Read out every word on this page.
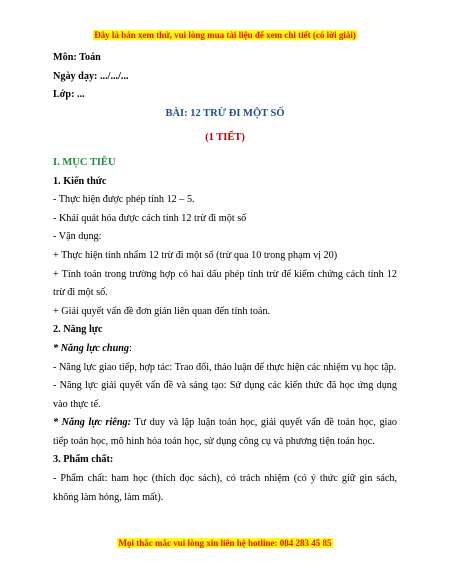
Đây là bản xem thử, vui lòng mua tài liệu để xem chi tiết (có lời giải)

Môn: Toán

Ngày dạy: .../.../...

Lớp: ...

BÀI: 12 TRỪ ĐI MỘT SỐ

(1 TIẾT)

I. MỤC TIÊU

1. Kiến thức

- Thực hiện được phép tính 12 – 5.

- Khái quát hóa được cách tính 12 trừ đi một số

- Vận dụng:

+ Thực hiện tính nhẩm 12 trừ đi một số (trừ qua 10 trong phạm vị 20)

+ Tính toán trong trường hợp có hai dấu phép tính trừ để kiểm chứng cách tính 12 trừ đi một số.

+ Giải quyết vấn đề đơn giản liên quan đến tính toán.

2. Năng lực

* Năng lực chung:

- Năng lực giao tiếp, hợp tác: Trao đổi, thảo luận để thực hiện các nhiệm vụ học tập.

- Năng lực giải quyết vấn đề và sáng tạo: Sử dụng các kiến thức đã học ứng dụng vào thực tế.

* Năng lực riêng: Tư duy và lập luận toán học, giải quyết vấn đề toán học, giao tiếp toán học, mô hình hóa toán học, sử dụng công cụ và phương tiện toán học.

3. Phẩm chất:

- Phẩm chất: ham học (thích đọc sách), có trách nhiệm (có ý thức giữ gìn sách, không làm hỏng, làm mất).

Mọi thắc mắc vui lòng xin liên hệ hotline: 084 283 45 85
